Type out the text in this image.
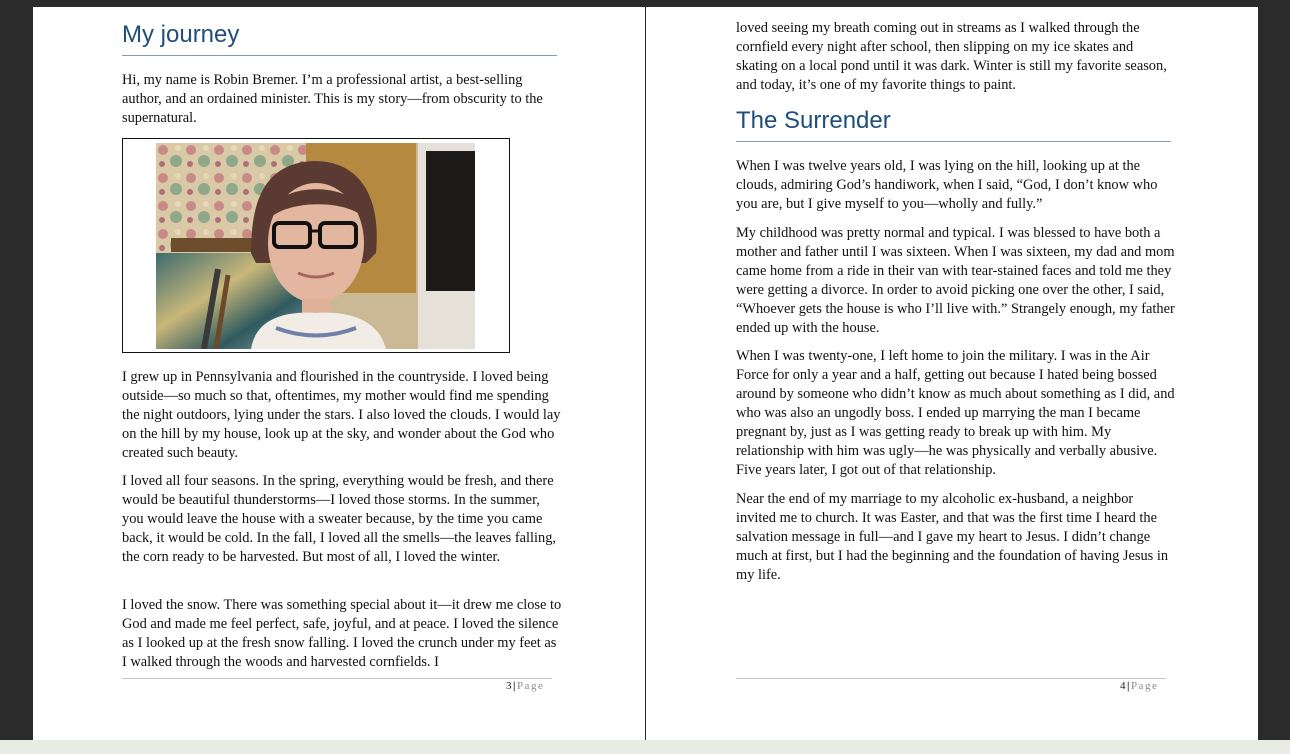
My journey

Hi, my name is Robin Bremer. I’m a professional artist, a best-selling author, and an ordained minister. This is my story—from obscurity to the supernatural.

I grew up in Pennsylvania and flourished in the countryside. I loved being outside—so much so that, oftentimes, my mother would find me spending the night outdoors, lying under the stars. I also loved the clouds. I would lay on the hill by my house, look up at the sky, and wonder about the God who created such beauty.

I loved all four seasons. In the spring, everything would be fresh, and there would be beautiful thunderstorms—I loved those storms. In the summer, you would leave the house with a sweater because, by the time you came back, it would be cold. In the fall, I loved all the smells—the leaves falling, the corn ready to be harvested. But most of all, I loved the winter.

I loved the snow. There was something special about it—it drew me close to God and made me feel perfect, safe, joyful, and at peace. I loved the silence as I looked up at the fresh snow falling. I loved the crunch under my feet as I walked through the woods and harvested cornfields. I

3|Page

loved seeing my breath coming out in streams as I walked through the cornfield every night after school, then slipping on my ice skates and skating on a local pond until it was dark. Winter is still my favorite season, and today, it’s one of my favorite things to paint.

The Surrender

When I was twelve years old, I was lying on the hill, looking up at the clouds, admiring God’s handiwork, when I said, “God, I don’t know who you are, but I give myself to you—wholly and fully.”

My childhood was pretty normal and typical. I was blessed to have both a mother and father until I was sixteen. When I was sixteen, my dad and mom came home from a ride in their van with tear-stained faces and told me they were getting a divorce. In order to avoid picking one over the other, I said, “Whoever gets the house is who I’ll live with.” Strangely enough, my father ended up with the house.

When I was twenty-one, I left home to join the military. I was in the Air Force for only a year and a half, getting out because I hated being bossed around by someone who didn’t know as much about something as I did, and who was also an ungodly boss. I ended up marrying the man I became pregnant by, just as I was getting ready to break up with him. My relationship with him was ugly—he was physically and verbally abusive. Five years later, I got out of that relationship.

Near the end of my marriage to my alcoholic ex-husband, a neighbor invited me to church. It was Easter, and that was the first time I heard the salvation message in full—and I gave my heart to Jesus. I didn’t change much at first, but I had the beginning and the foundation of having Jesus in my life.

4|Page
